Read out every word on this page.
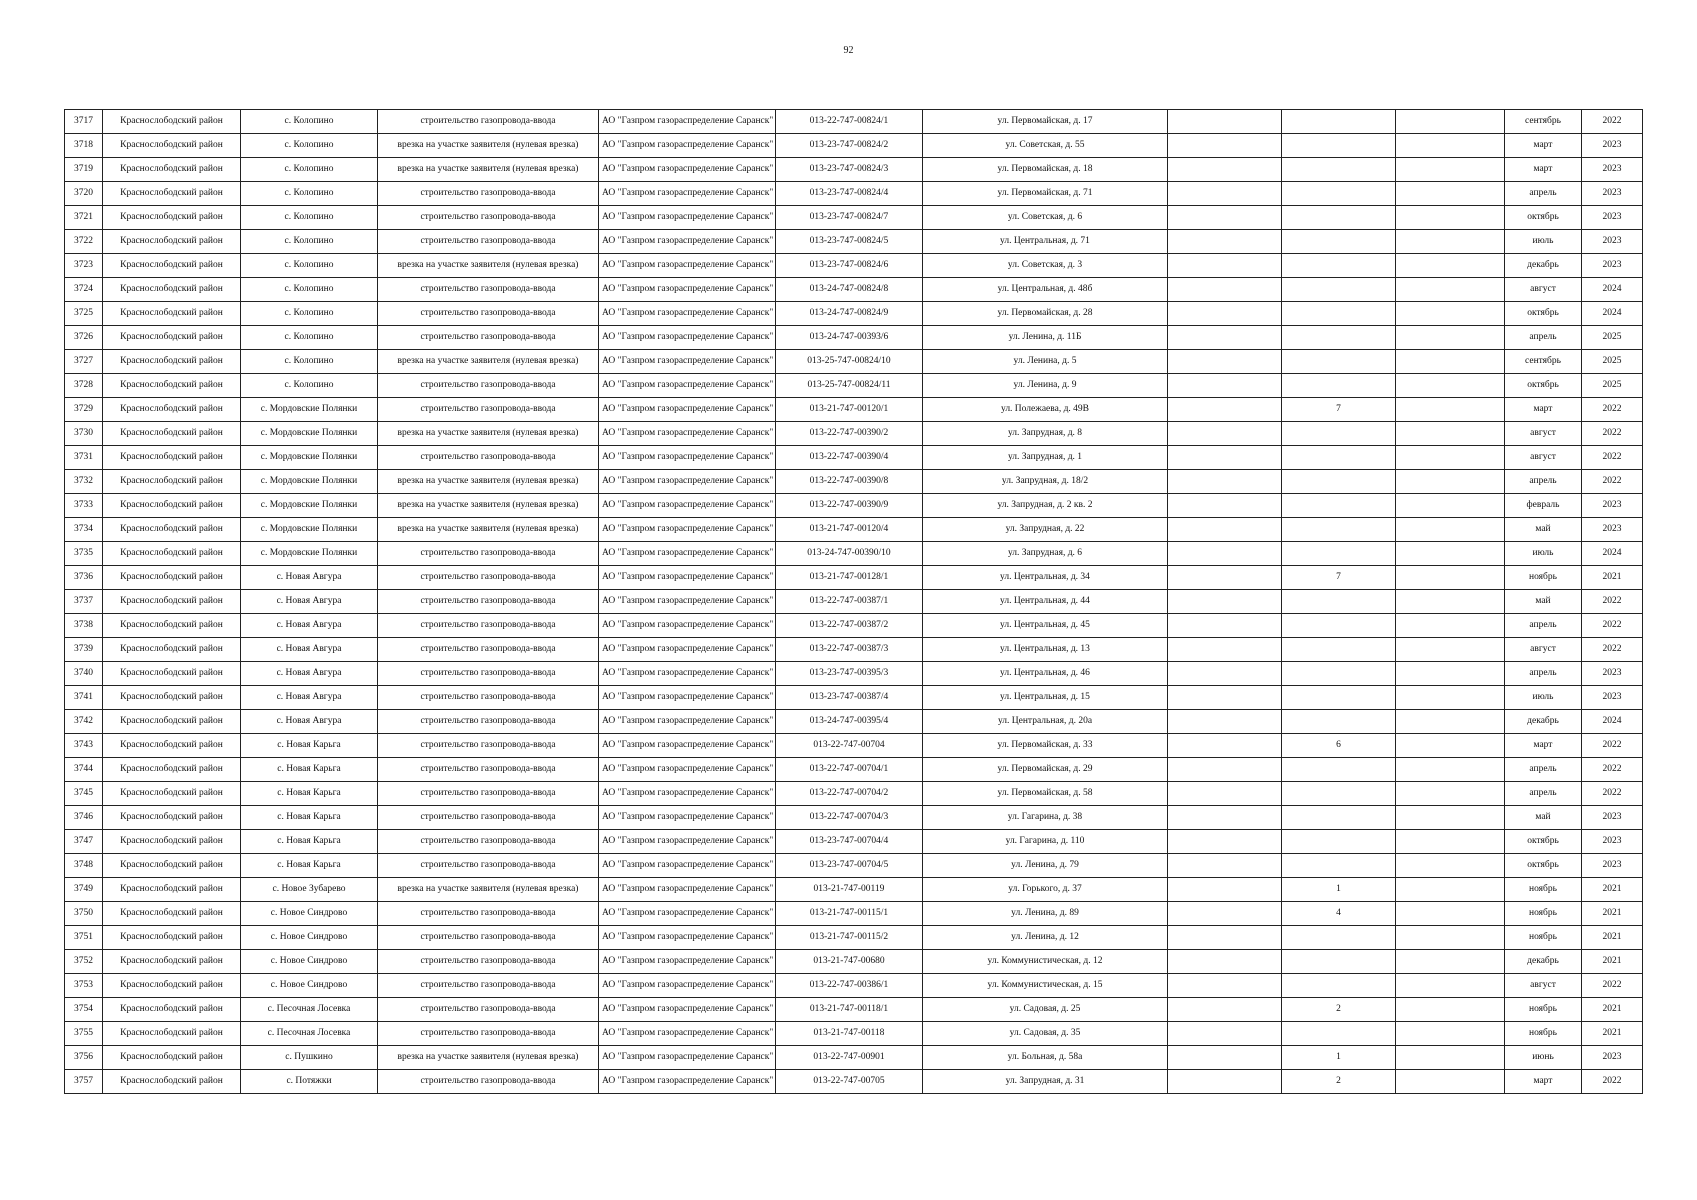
92
3717	Краснослободский район	с. Колопино	строительство газопровода-ввода	АО "Газпром газораспределение Саранск"	013-22-747-00824/1	ул. Первомайская, д. 17				сентябрь	2022
3718	Краснослободский район	с. Колопино	врезка на участке заявителя (нулевая врезка)	АО "Газпром газораспределение Саранск"	013-23-747-00824/2	ул. Советская, д. 55				март	2023
3719	Краснослободский район	с. Колопино	врезка на участке заявителя (нулевая врезка)	АО "Газпром газораспределение Саранск"	013-23-747-00824/3	ул. Первомайская, д. 18				март	2023
3720	Краснослободский район	с. Колопино	строительство газопровода-ввода	АО "Газпром газораспределение Саранск"	013-23-747-00824/4	ул. Первомайская, д. 71				апрель	2023
3721	Краснослободский район	с. Колопино	строительство газопровода-ввода	АО "Газпром газораспределение Саранск"	013-23-747-00824/7	ул. Советская, д. 6				октябрь	2023
3722	Краснослободский район	с. Колопино	строительство газопровода-ввода	АО "Газпром газораспределение Саранск"	013-23-747-00824/5	ул. Центральная, д. 71				июль	2023
3723	Краснослободский район	с. Колопино	врезка на участке заявителя (нулевая врезка)	АО "Газпром газораспределение Саранск"	013-23-747-00824/6	ул. Советская, д. 3				декабрь	2023
3724	Краснослободский район	с. Колопино	строительство газопровода-ввода	АО "Газпром газораспределение Саранск"	013-24-747-00824/8	ул. Центральная, д. 48б				август	2024
3725	Краснослободский район	с. Колопино	строительство газопровода-ввода	АО "Газпром газораспределение Саранск"	013-24-747-00824/9	ул. Первомайская, д. 28				октябрь	2024
3726	Краснослободский район	с. Колопино	строительство газопровода-ввода	АО "Газпром газораспределение Саранск"	013-24-747-00393/6	ул. Ленина, д. 11Б				апрель	2025
3727	Краснослободский район	с. Колопино	врезка на участке заявителя (нулевая врезка)	АО "Газпром газораспределение Саранск"	013-25-747-00824/10	ул. Ленина, д. 5				сентябрь	2025
3728	Краснослободский район	с. Колопино	строительство газопровода-ввода	АО "Газпром газораспределение Саранск"	013-25-747-00824/11	ул. Ленина, д. 9				октябрь	2025
3729	Краснослободский район	с. Мордовские Полянки	строительство газопровода-ввода	АО "Газпром газораспределение Саранск"	013-21-747-00120/1	ул. Полежаева, д. 49В		7		март	2022
3730	Краснослободский район	с. Мордовские Полянки	врезка на участке заявителя (нулевая врезка)	АО "Газпром газораспределение Саранск"	013-22-747-00390/2	ул. Запрудная, д. 8				август	2022
3731	Краснослободский район	с. Мордовские Полянки	строительство газопровода-ввода	АО "Газпром газораспределение Саранск"	013-22-747-00390/4	ул. Запрудная, д. 1				август	2022
3732	Краснослободский район	с. Мордовские Полянки	врезка на участке заявителя (нулевая врезка)	АО "Газпром газораспределение Саранск"	013-22-747-00390/8	ул. Запрудная, д. 18/2				апрель	2022
3733	Краснослободский район	с. Мордовские Полянки	врезка на участке заявителя (нулевая врезка)	АО "Газпром газораспределение Саранск"	013-22-747-00390/9	ул. Запрудная, д. 2 кв. 2				февраль	2023
3734	Краснослободский район	с. Мордовские Полянки	врезка на участке заявителя (нулевая врезка)	АО "Газпром газораспределение Саранск"	013-21-747-00120/4	ул. Запрудная, д. 22				май	2023
3735	Краснослободский район	с. Мордовские Полянки	строительство газопровода-ввода	АО "Газпром газораспределение Саранск"	013-24-747-00390/10	ул. Запрудная, д. 6				июль	2024
3736	Краснослободский район	с. Новая Авгура	строительство газопровода-ввода	АО "Газпром газораспределение Саранск"	013-21-747-00128/1	ул. Центральная, д. 34		7		ноябрь	2021
3737	Краснослободский район	с. Новая Авгура	строительство газопровода-ввода	АО "Газпром газораспределение Саранск"	013-22-747-00387/1	ул. Центральная, д. 44				май	2022
3738	Краснослободский район	с. Новая Авгура	строительство газопровода-ввода	АО "Газпром газораспределение Саранск"	013-22-747-00387/2	ул. Центральная, д. 45				апрель	2022
3739	Краснослободский район	с. Новая Авгура	строительство газопровода-ввода	АО "Газпром газораспределение Саранск"	013-22-747-00387/3	ул. Центральная, д. 13				август	2022
3740	Краснослободский район	с. Новая Авгура	строительство газопровода-ввода	АО "Газпром газораспределение Саранск"	013-23-747-00395/3	ул. Центральная, д. 46				апрель	2023
3741	Краснослободский район	с. Новая Авгура	строительство газопровода-ввода	АО "Газпром газораспределение Саранск"	013-23-747-00387/4	ул. Центральная, д. 15				июль	2023
3742	Краснослободский район	с. Новая Авгура	строительство газопровода-ввода	АО "Газпром газораспределение Саранск"	013-24-747-00395/4	ул. Центральная, д. 20а				декабрь	2024
3743	Краснослободский район	с. Новая Карьга	строительство газопровода-ввода	АО "Газпром газораспределение Саранск"	013-22-747-00704	ул. Первомайская, д. 33		6		март	2022
3744	Краснослободский район	с. Новая Карьга	строительство газопровода-ввода	АО "Газпром газораспределение Саранск"	013-22-747-00704/1	ул. Первомайская, д. 29				апрель	2022
3745	Краснослободский район	с. Новая Карьга	строительство газопровода-ввода	АО "Газпром газораспределение Саранск"	013-22-747-00704/2	ул. Первомайская, д. 58				апрель	2022
3746	Краснослободский район	с. Новая Карьга	строительство газопровода-ввода	АО "Газпром газораспределение Саранск"	013-22-747-00704/3	ул. Гагарина, д. 38				май	2023
3747	Краснослободский район	с. Новая Карьга	строительство газопровода-ввода	АО "Газпром газораспределение Саранск"	013-23-747-00704/4	ул. Гагарина, д. 110				октябрь	2023
3748	Краснослободский район	с. Новая Карьга	строительство газопровода-ввода	АО "Газпром газораспределение Саранск"	013-23-747-00704/5	ул. Ленина, д. 79				октябрь	2023
3749	Краснослободский район	с. Новое Зубарево	врезка на участке заявителя (нулевая врезка)	АО "Газпром газораспределение Саранск"	013-21-747-00119	ул. Горького, д. 37		1		ноябрь	2021
3750	Краснослободский район	с. Новое Синдрово	строительство газопровода-ввода	АО "Газпром газораспределение Саранск"	013-21-747-00115/1	ул. Ленина, д. 89		4		ноябрь	2021
3751	Краснослободский район	с. Новое Синдрово	строительство газопровода-ввода	АО "Газпром газораспределение Саранск"	013-21-747-00115/2	ул. Ленина, д. 12				ноябрь	2021
3752	Краснослободский район	с. Новое Синдрово	строительство газопровода-ввода	АО "Газпром газораспределение Саранск"	013-21-747-00680	ул. Коммунистическая, д. 12				декабрь	2021
3753	Краснослободский район	с. Новое Синдрово	строительство газопровода-ввода	АО "Газпром газораспределение Саранск"	013-22-747-00386/1	ул. Коммунистическая, д. 15				август	2022
3754	Краснослободский район	с. Песочная Лосевка	строительство газопровода-ввода	АО "Газпром газораспределение Саранск"	013-21-747-00118/1	ул. Садовая, д. 25		2		ноябрь	2021
3755	Краснослободский район	с. Песочная Лосевка	строительство газопровода-ввода	АО "Газпром газораспределение Саранск"	013-21-747-00118	ул. Садовая, д. 35				ноябрь	2021
3756	Краснослободский район	с. Пушкино	врезка на участке заявителя (нулевая врезка)	АО "Газпром газораспределение Саранск"	013-22-747-00901	ул. Больная, д. 58а		1		июнь	2023
3757	Краснослободский район	с. Потяжки	строительство газопровода-ввода	АО "Газпром газораспределение Саранск"	013-22-747-00705	ул. Запрудная, д. 31		2		март	2022
